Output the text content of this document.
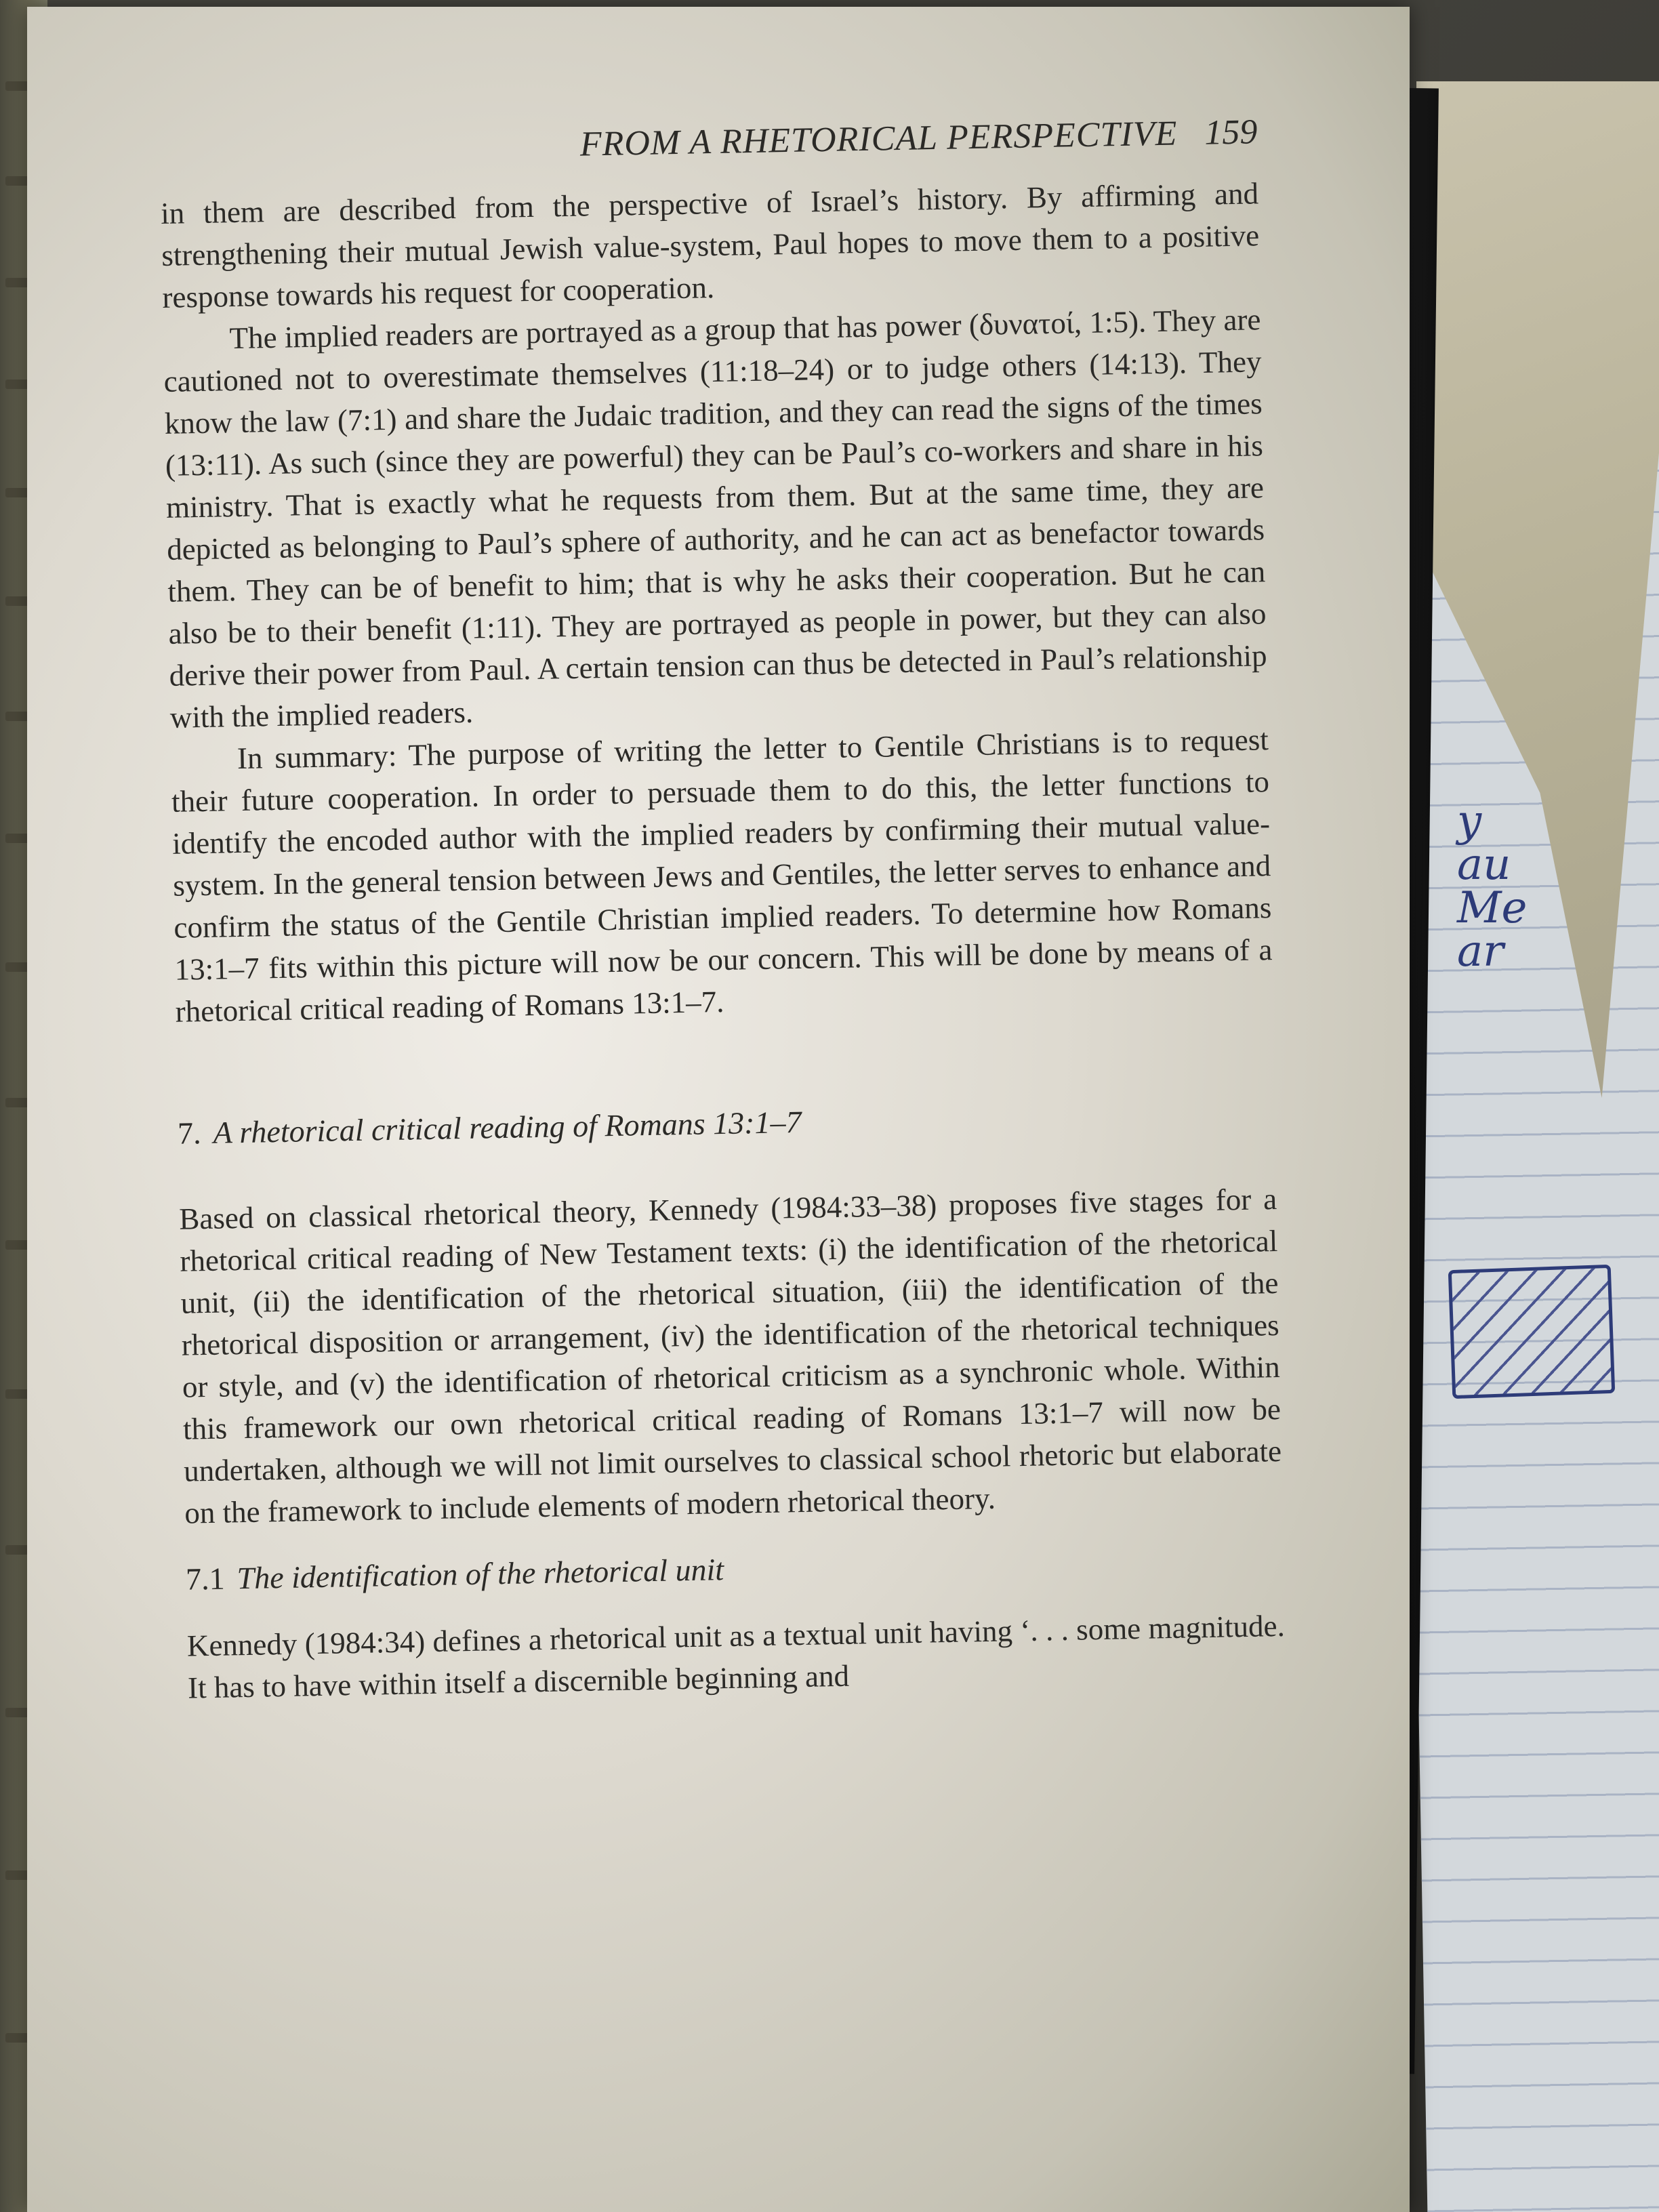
y
au
Me
ar
FROM A RHETORICAL PERSPECTIVE 159

in them are described from the perspective of Israel’s history. By affirming and strengthening their mutual Jewish value-system, Paul hopes to move them to a positive response towards his request for cooperation.

The implied readers are portrayed as a group that has power (δυνατοί, 1:5). They are cautioned not to overestimate themselves (11:18–24) or to judge others (14:13). They know the law (7:1) and share the Judaic tradition, and they can read the signs of the times (13:11). As such (since they are powerful) they can be Paul’s co-workers and share in his ministry. That is exactly what he requests from them. But at the same time, they are depicted as belonging to Paul’s sphere of authority, and he can act as benefactor towards them. They can be of benefit to him; that is why he asks their cooperation. But he can also be to their benefit (1:11). They are portrayed as people in power, but they can also derive their power from Paul. A certain tension can thus be detected in Paul’s relationship with the implied readers.

In summary: The purpose of writing the letter to Gentile Christians is to request their future cooperation. In order to persuade them to do this, the letter functions to identify the encoded author with the implied readers by confirming their mutual value-system. In the general tension between Jews and Gentiles, the letter serves to enhance and confirm the status of the Gentile Christian implied readers. To determine how Romans 13:1–7 fits within this picture will now be our concern. This will be done by means of a rhetorical critical reading of Romans 13:1–7.

7. A rhetorical critical reading of Romans 13:1–7

Based on classical rhetorical theory, Kennedy (1984:33–38) proposes five stages for a rhetorical critical reading of New Testament texts: (i) the identification of the rhetorical unit, (ii) the identification of the rhetorical situation, (iii) the identification of the rhetorical disposition or arrangement, (iv) the identification of the rhetorical techniques or style, and (v) the identification of rhetorical criticism as a synchronic whole. Within this framework our own rhetorical critical reading of Romans 13:1–7 will now be undertaken, although we will not limit ourselves to classical school rhetoric but elaborate on the framework to include elements of modern rhetorical theory.

7.1 The identification of the rhetorical unit

Kennedy (1984:34) defines a rhetorical unit as a textual unit having ‘. . . some magnitude. It has to have within itself a discernible beginning and
